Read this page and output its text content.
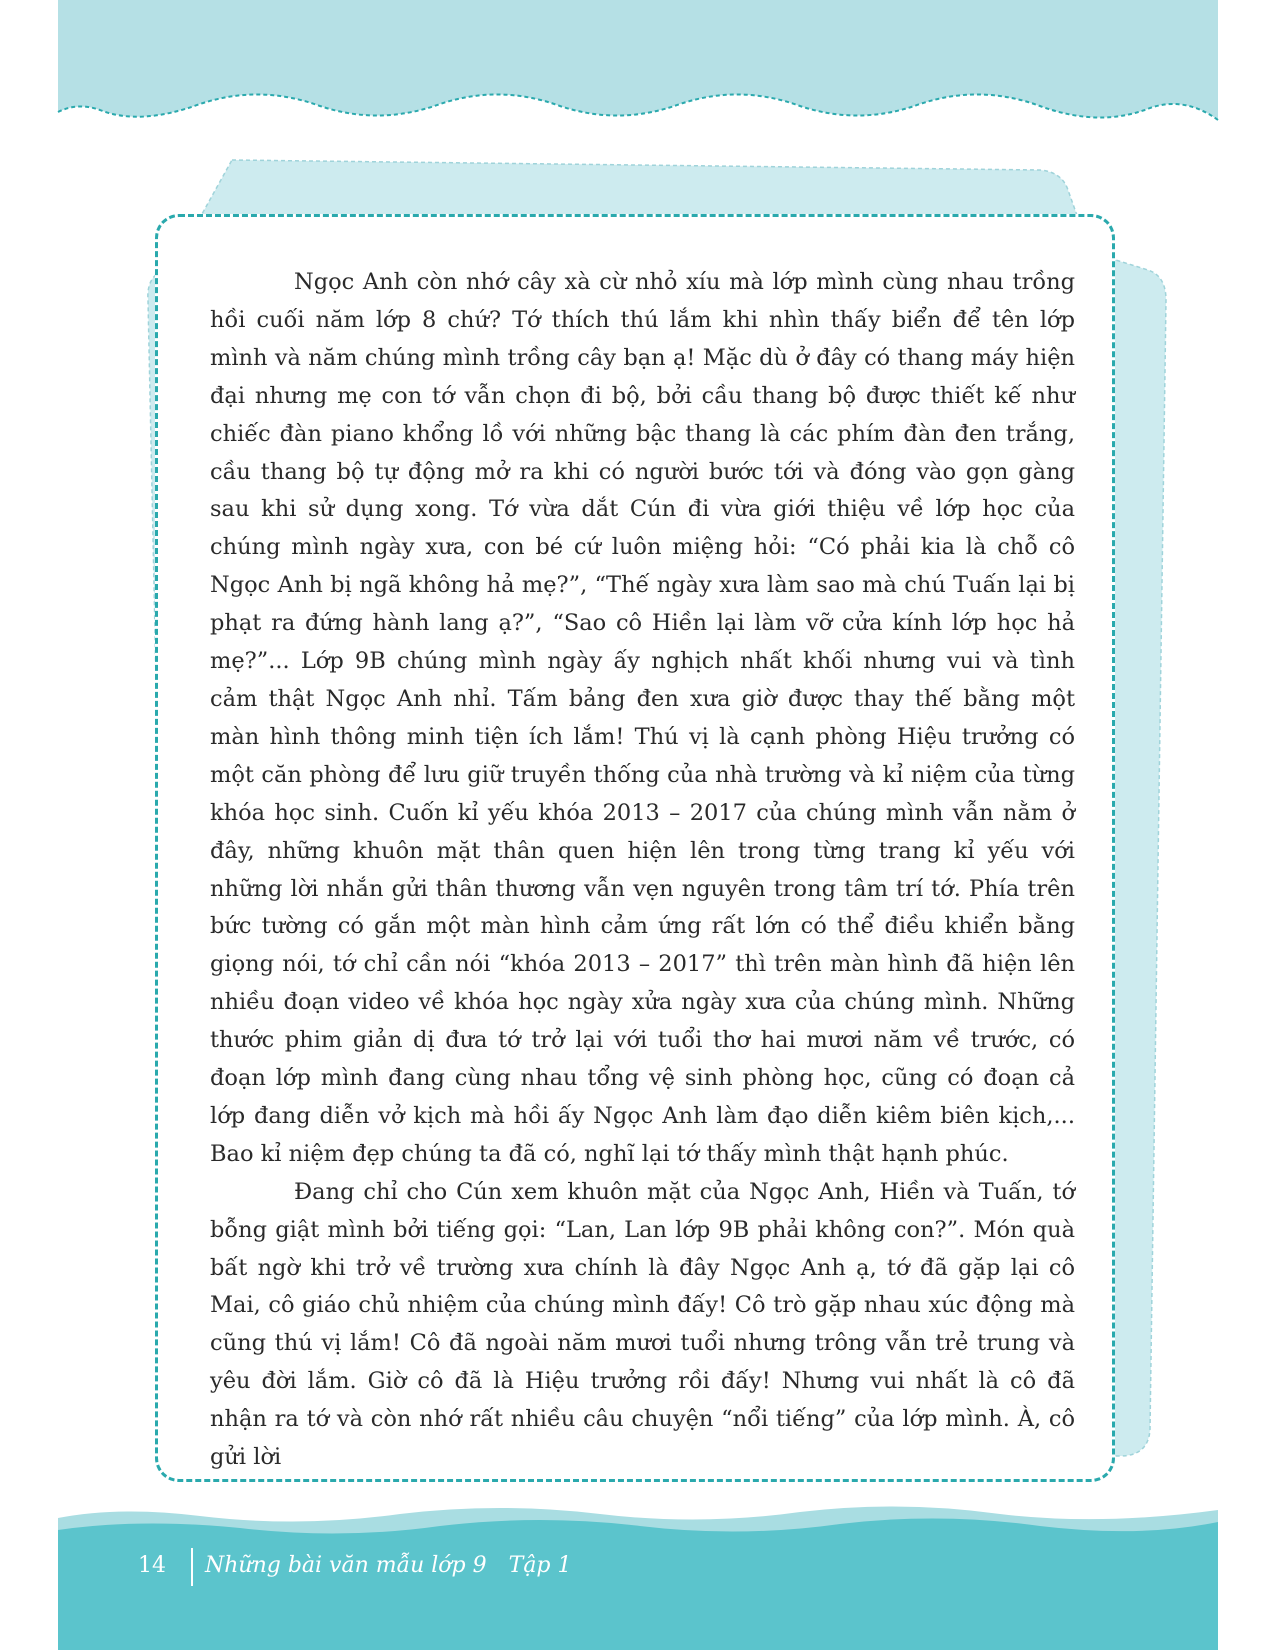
Ngọc Anh còn nhớ cây xà cừ nhỏ xíu mà lớp mình cùng nhau trồng hồi cuối năm lớp 8 chứ? Tớ thích thú lắm khi nhìn thấy biển để tên lớp mình và năm chúng mình trồng cây bạn ạ! Mặc dù ở đây có thang máy hiện đại nhưng mẹ con tớ vẫn chọn đi bộ, bởi cầu thang bộ được thiết kế như chiếc đàn piano khổng lồ với những bậc thang là các phím đàn đen trắng, cầu thang bộ tự động mở ra khi có người bước tới và đóng vào gọn gàng sau khi sử dụng xong. Tớ vừa dắt Cún đi vừa giới thiệu về lớp học của chúng mình ngày xưa, con bé cứ luôn miệng hỏi: “Có phải kia là chỗ cô Ngọc Anh bị ngã không hả mẹ?”, “Thế ngày xưa làm sao mà chú Tuấn lại bị phạt ra đứng hành lang ạ?”, “Sao cô Hiền lại làm vỡ cửa kính lớp học hả mẹ?”... Lớp 9B chúng mình ngày ấy nghịch nhất khối nhưng vui và tình cảm thật Ngọc Anh nhỉ. Tấm bảng đen xưa giờ được thay thế bằng một màn hình thông minh tiện ích lắm! Thú vị là cạnh phòng Hiệu trưởng có một căn phòng để lưu giữ truyền thống của nhà trường và kỉ niệm của từng khóa học sinh. Cuốn kỉ yếu khóa 2013 – 2017 của chúng mình vẫn nằm ở đây, những khuôn mặt thân quen hiện lên trong từng trang kỉ yếu với những lời nhắn gửi thân thương vẫn vẹn nguyên trong tâm trí tớ. Phía trên bức tường có gắn một màn hình cảm ứng rất lớn có thể điều khiển bằng giọng nói, tớ chỉ cần nói “khóa 2013 – 2017” thì trên màn hình đã hiện lên nhiều đoạn video về khóa học ngày xửa ngày xưa của chúng mình. Những thước phim giản dị đưa tớ trở lại với tuổi thơ hai mươi năm về trước, có đoạn lớp mình đang cùng nhau tổng vệ sinh phòng học, cũng có đoạn cả lớp đang diễn vở kịch mà hồi ấy Ngọc Anh làm đạo diễn kiêm biên kịch,... Bao kỉ niệm đẹp chúng ta đã có, nghĩ lại tớ thấy mình thật hạnh phúc.

Đang chỉ cho Cún xem khuôn mặt của Ngọc Anh, Hiền và Tuấn, tớ bỗng giật mình bởi tiếng gọi: “Lan, Lan lớp 9B phải không con?”. Món quà bất ngờ khi trở về trường xưa chính là đây Ngọc Anh ạ, tớ đã gặp lại cô Mai, cô giáo chủ nhiệm của chúng mình đấy! Cô trò gặp nhau xúc động mà cũng thú vị lắm! Cô đã ngoài năm mươi tuổi nhưng trông vẫn trẻ trung và yêu đời lắm. Giờ cô đã là Hiệu trưởng rồi đấy! Nhưng vui nhất là cô đã nhận ra tớ và còn nhớ rất nhiều câu chuyện “nổi tiếng” của lớp mình. À, cô gửi lời

14 Những bài văn mẫu lớp 9 Tập 1
